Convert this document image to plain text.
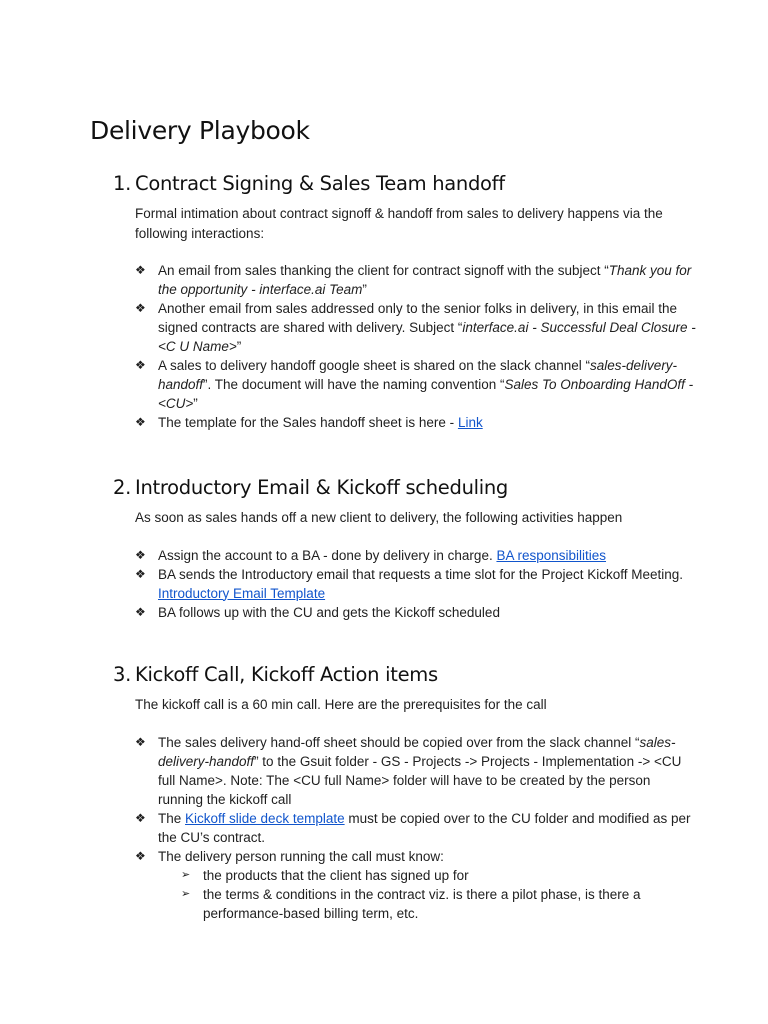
Delivery Playbook
1. Contract Signing & Sales Team handoff
Formal intimation about contract signoff & handoff from sales to delivery happens via the following interactions:
❖ An email from sales thanking the client for contract signoff with the subject “Thank you for the opportunity - interface.ai Team”
❖ Another email from sales addressed only to the senior folks in delivery, in this email the signed contracts are shared with delivery. Subject “interface.ai - Successful Deal Closure - <C U Name>”
❖ A sales to delivery handoff google sheet is shared on the slack channel “sales-delivery-handoff”. The document will have the naming convention “Sales To Onboarding HandOff - <CU>”
❖ The template for the Sales handoff sheet is here - Link
2. Introductory Email & Kickoff scheduling
As soon as sales hands off a new client to delivery, the following activities happen
❖ Assign the account to a BA - done by delivery in charge. BA responsibilities
❖ BA sends the Introductory email that requests a time slot for the Project Kickoff Meeting. Introductory Email Template
❖ BA follows up with the CU and gets the Kickoff scheduled
3. Kickoff Call, Kickoff Action items
The kickoff call is a 60 min call. Here are the prerequisites for the call
❖ The sales delivery hand-off sheet should be copied over from the slack channel “sales-delivery-handoff” to the Gsuit folder - GS - Projects -> Projects - Implementation -> <CU full Name>. Note: The <CU full Name> folder will have to be created by the person running the kickoff call
❖ The Kickoff slide deck template must be copied over to the CU folder and modified as per the CU’s contract.
❖ The delivery person running the call must know:
➢ the products that the client has signed up for
➢ the terms & conditions in the contract viz. is there a pilot phase, is there a performance-based billing term, etc.
